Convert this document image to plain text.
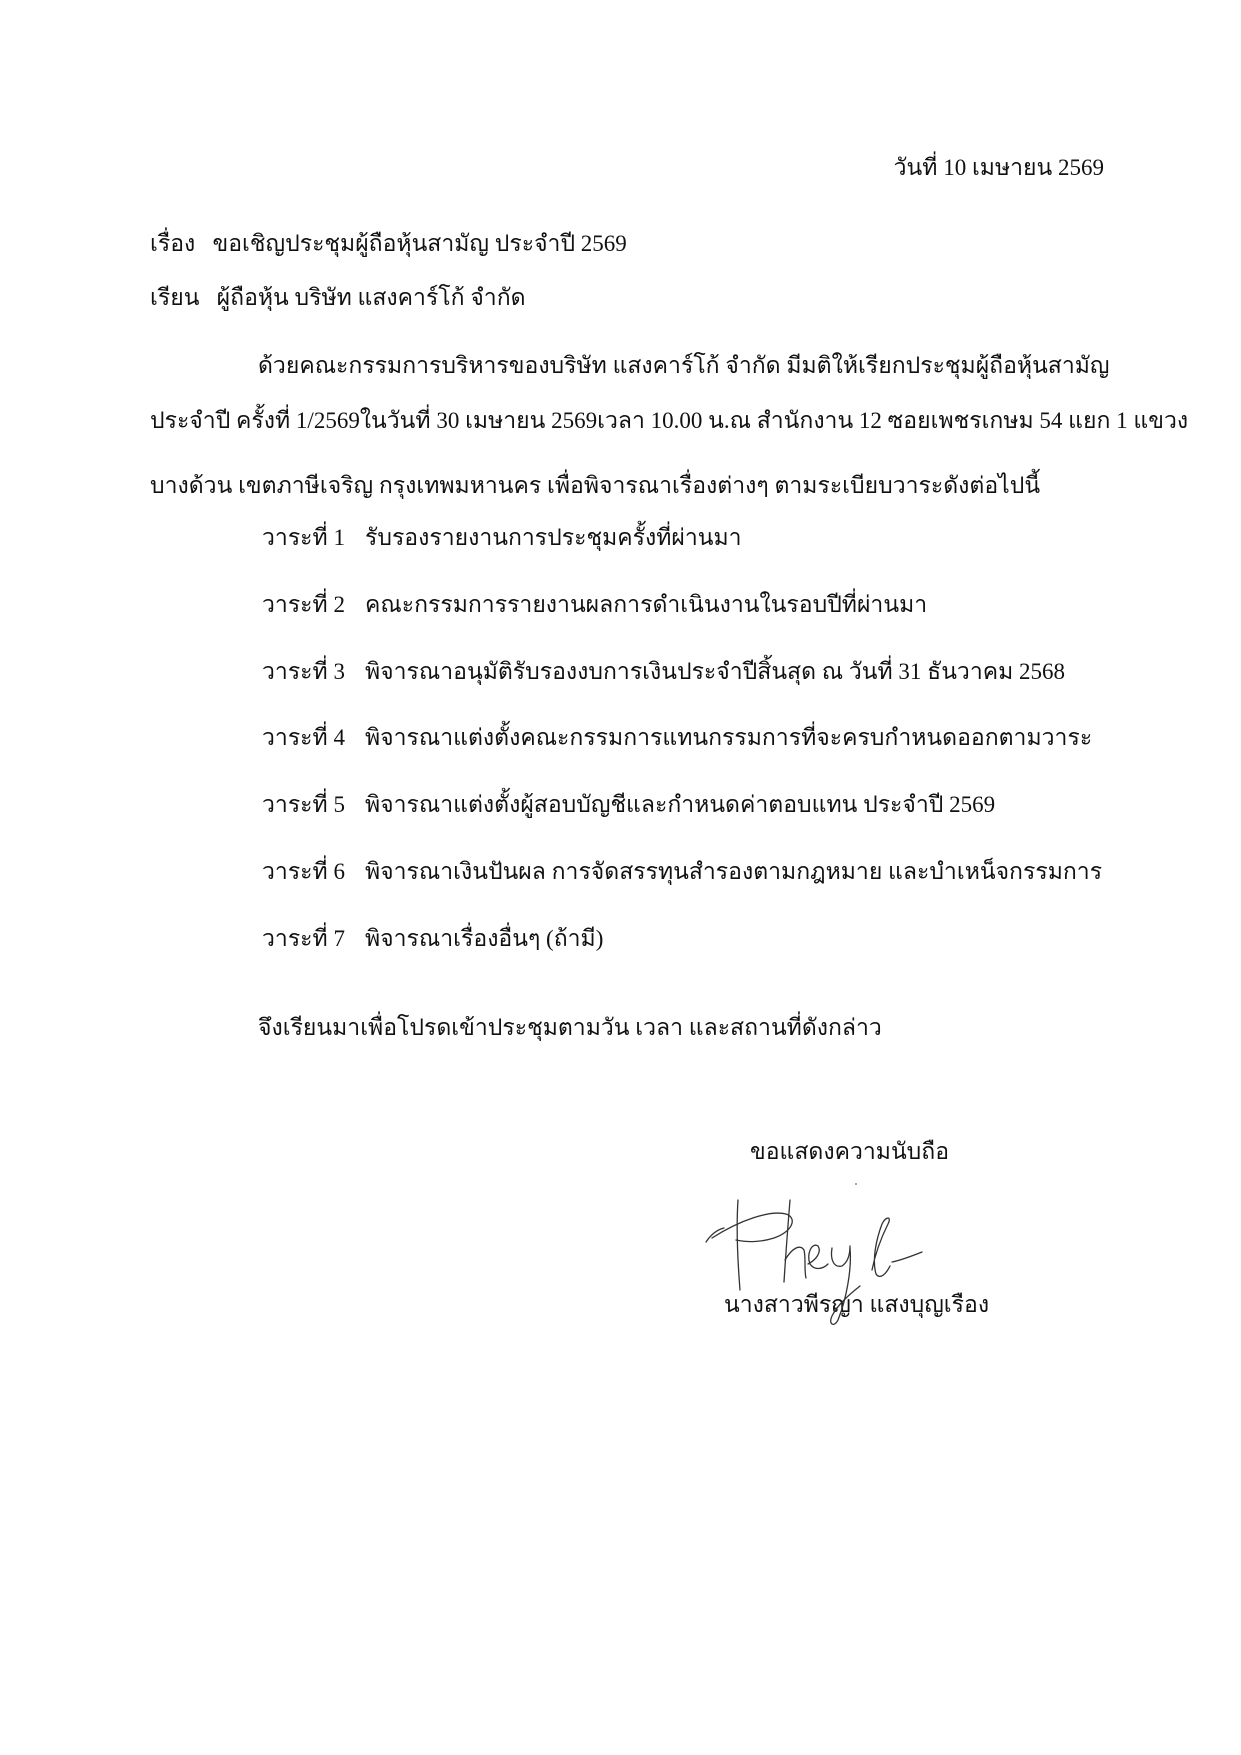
วันที่ 10 เมษายน 2569
เรื่อง ขอเชิญประชุมผู้ถือหุ้นสามัญ ประจำปี 2569
เรียน ผู้ถือหุ้น บริษัท แสงคาร์โก้ จำกัด
ด้วยคณะกรรมการบริหารของบริษัท แสงคาร์โก้ จำกัด มีมติให้เรียกประชุมผู้ถือหุ้นสามัญ
ประจำปี ครั้งที่ 1/2569ในวันที่ 30 เมษายน 2569เวลา 10.00 น.ณ สำนักงาน 12 ซอยเพชรเกษม 54 แยก 1 แขวง
บางด้วน เขตภาษีเจริญ กรุงเทพมหานคร เพื่อพิจารณาเรื่องต่างๆ ตามระเบียบวาระดังต่อไปนี้
วาระที่ 1 รับรองรายงานการประชุมครั้งที่ผ่านมา
วาระที่ 2 คณะกรรมการรายงานผลการดำเนินงานในรอบปีที่ผ่านมา
วาระที่ 3 พิจารณาอนุมัติรับรองงบการเงินประจำปีสิ้นสุด ณ วันที่ 31 ธันวาคม 2568
วาระที่ 4 พิจารณาแต่งตั้งคณะกรรมการแทนกรรมการที่จะครบกำหนดออกตามวาระ
วาระที่ 5 พิจารณาแต่งตั้งผู้สอบบัญชีและกำหนดค่าตอบแทน ประจำปี 2569
วาระที่ 6 พิจารณาเงินปันผล การจัดสรรทุนสำรองตามกฎหมาย และบำเหน็จกรรมการ
วาระที่ 7 พิจารณาเรื่องอื่นๆ (ถ้ามี)
จึงเรียนมาเพื่อโปรดเข้าประชุมตามวัน เวลา และสถานที่ดังกล่าว
ขอแสดงความนับถือ
นางสาวพีรญา แสงบุญเรือง
